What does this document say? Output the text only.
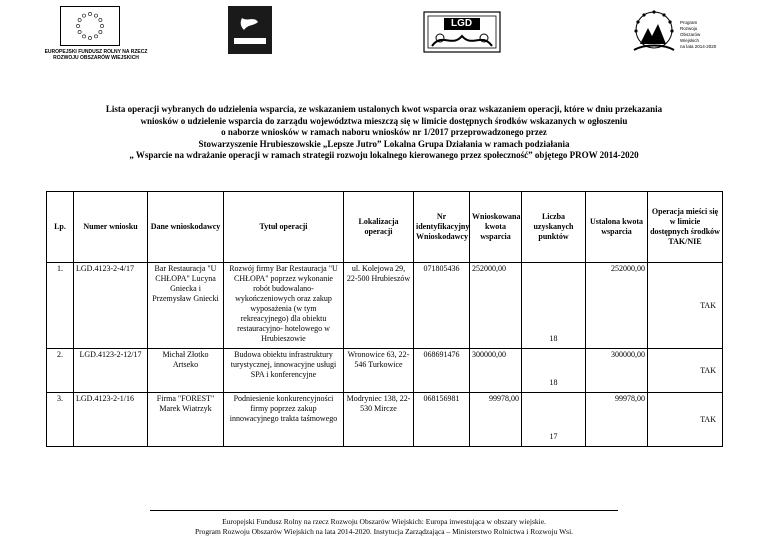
EUROPEJSKI FUNDUSZ ROLNY NA RZECZ
ROZWOJU OBSZARÓW WIEJSKICH
LGD	Program
Rozwoju
Obszarów
Wiejskich
na lata 2014-2020
Lista operacji wybranych do udzielenia wsparcia, ze wskazaniem ustalonych kwot wsparcia oraz wskazaniem operacji, które w dniu przekazania
wniosków o udzielenie wsparcia do zarządu województwa mieszczą się w limicie dostępnych środków wskazanych w ogłoszeniu
o naborze wniosków w ramach naboru wniosków nr 1/2017 przeprowadzonego przez
Stowarzyszenie Hrubieszowskie „Lepsze Jutro” Lokalna Grupa Działania w ramach podziałania
„ Wsparcie na wdrażanie operacji w ramach strategii rozwoju lokalnego kierowanego przez społeczność” objętego PROW 2014-2020
Lp.	Numer wniosku	Dane wnioskodawcy	Tytuł operacji	Lokalizacja operacji	Nr identyfikacyjny Wnioskodawcy	Wnioskowana kwota wsparcia	Liczba uzyskanych punktów	Ustalona kwota wsparcia	Operacja mieści się w limicie dostępnych środków TAK/NIE
1.	LGD.4123-2-4/17	Bar Restauracja "U CHŁOPA" Lucyna Gniecka i Przemysław Gniecki	Rozwój firmy Bar Restauracja "U CHŁOPA" poprzez wykonanie robót budowalano- wykończeniowych oraz zakup wyposażenia (w tym rekreacyjnego) dla obiektu restauracyjno- hotelowego w Hrubieszowie	ul. Kolejowa 29, 22-500 Hrubieszów	071805436	252000,00	18	252000,00	TAK

2.	LGD.4123-2-12/17	Michał Złotko Artseko	Budowa obiektu infrastruktury turystycznej, innowacyjne usługi SPA i konferencyjne	Wronowice 63, 22-546 Turkowice	068691476	300000,00	18	300000,00	TAK

3.	LGD.4123-2-1/16	Firma "FOREST" Marek Wiatrzyk	Podniesienie konkurencyjności firmy poprzez zakup innowacyjnego trakta taśmowego	Modryniec 138, 22-530 Mircze	068156981	99978,00	17	99978,00	TAK
Europejski Fundusz Rolny na rzecz Rozwoju Obszarów Wiejskich: Europa inwestująca w obszary wiejskie.
Program Rozwoju Obszarów Wiejskich na lata 2014-2020. Instytucja Zarządzająca – Ministerstwo Rolnictwa i Rozwoju Wsi.
